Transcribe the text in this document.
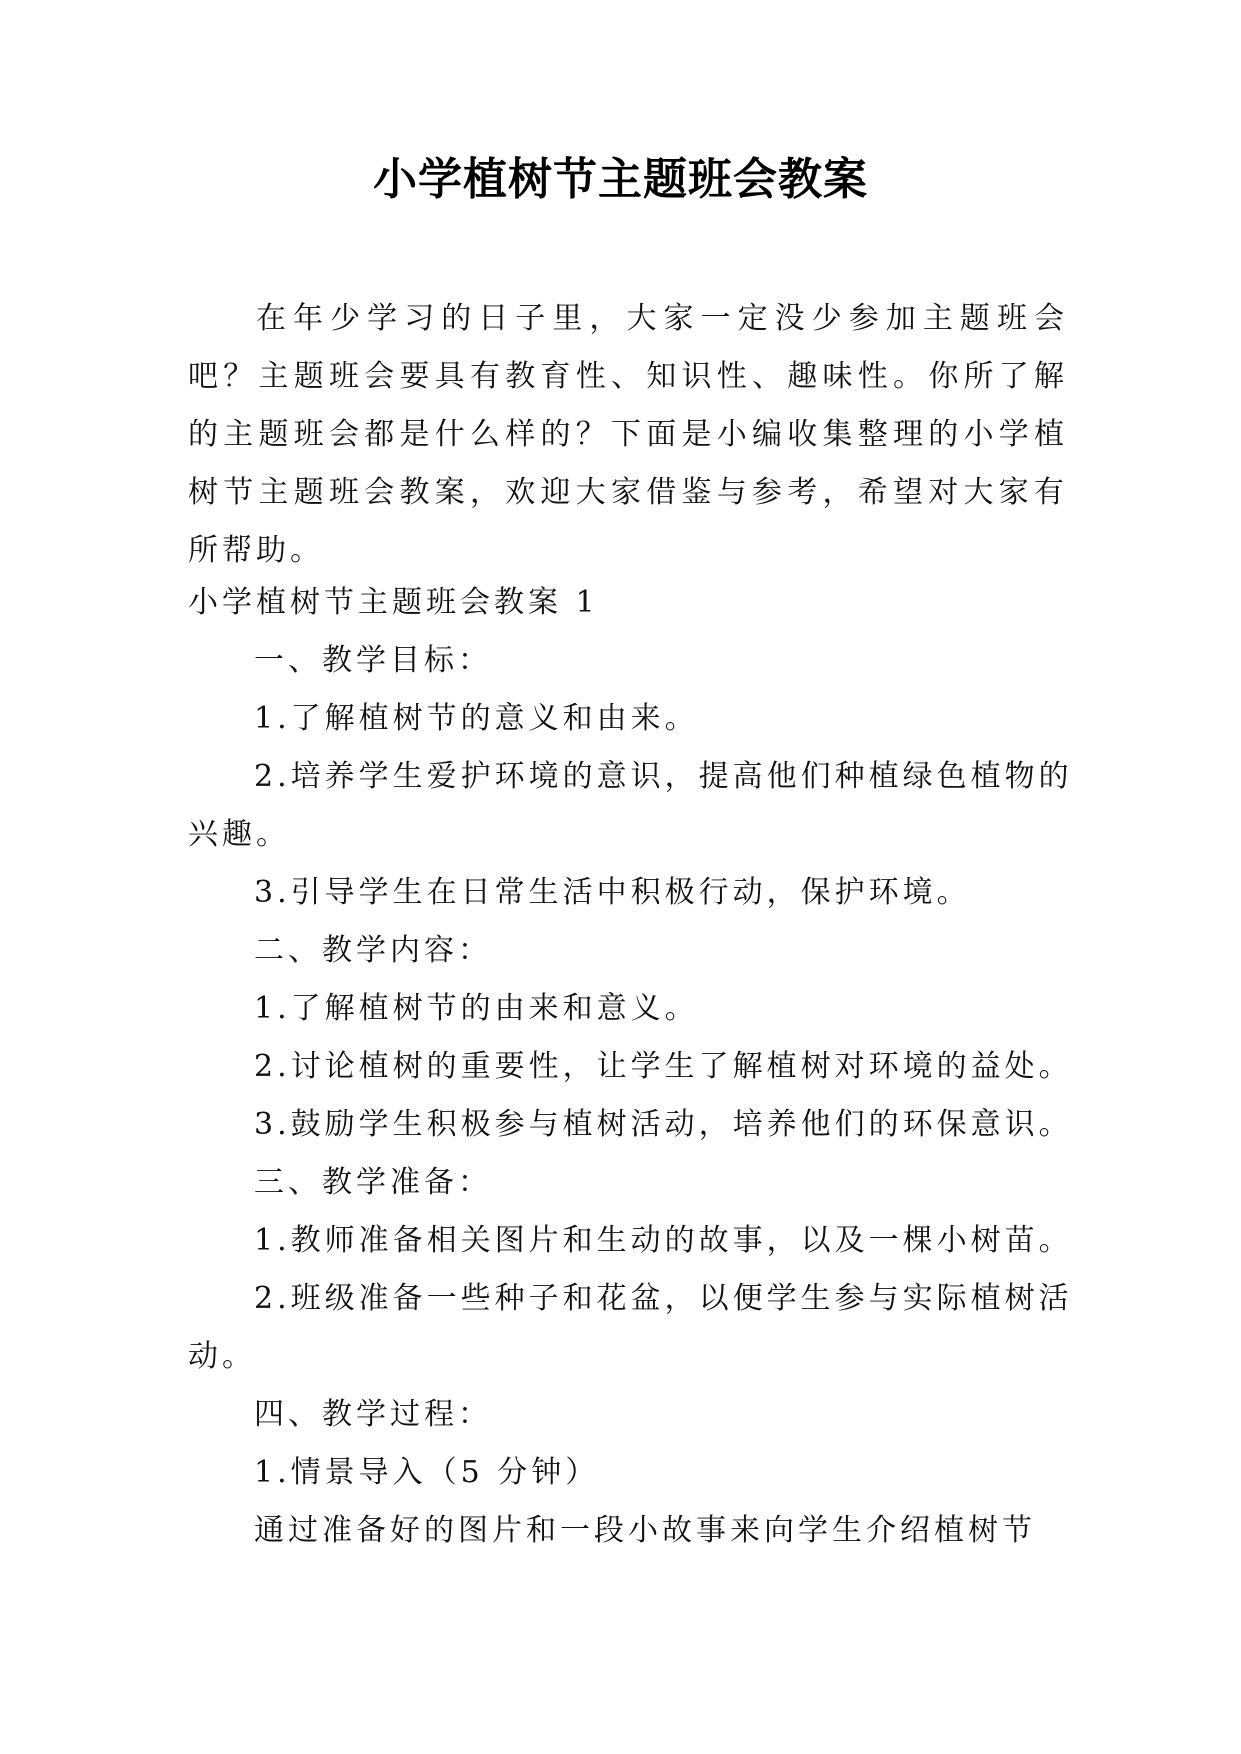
小学植树节主题班会教案
在年少学习的日子里，大家一定没少参加主题班会吧？主题班会要具有教育性、知识性、趣味性。你所了解的主题班会都是什么样的？下面是小编收集整理的小学植树节主题班会教案，欢迎大家借鉴与参考，希望对大家有所帮助。
小学植树节主题班会教案 1
一、教学目标：
1.了解植树节的意义和由来。
2.培养学生爱护环境的意识，提高他们种植绿色植物的
兴趣。
3.引导学生在日常生活中积极行动，保护环境。
二、教学内容：
1.了解植树节的由来和意义。
2.讨论植树的重要性，让学生了解植树对环境的益处。
3.鼓励学生积极参与植树活动，培养他们的环保意识。
三、教学准备：
1.教师准备相关图片和生动的故事，以及一棵小树苗。
2.班级准备一些种子和花盆，以便学生参与实际植树活
动。
四、教学过程：
1.情景导入（5 分钟）
通过准备好的图片和一段小故事来向学生介绍植树节
